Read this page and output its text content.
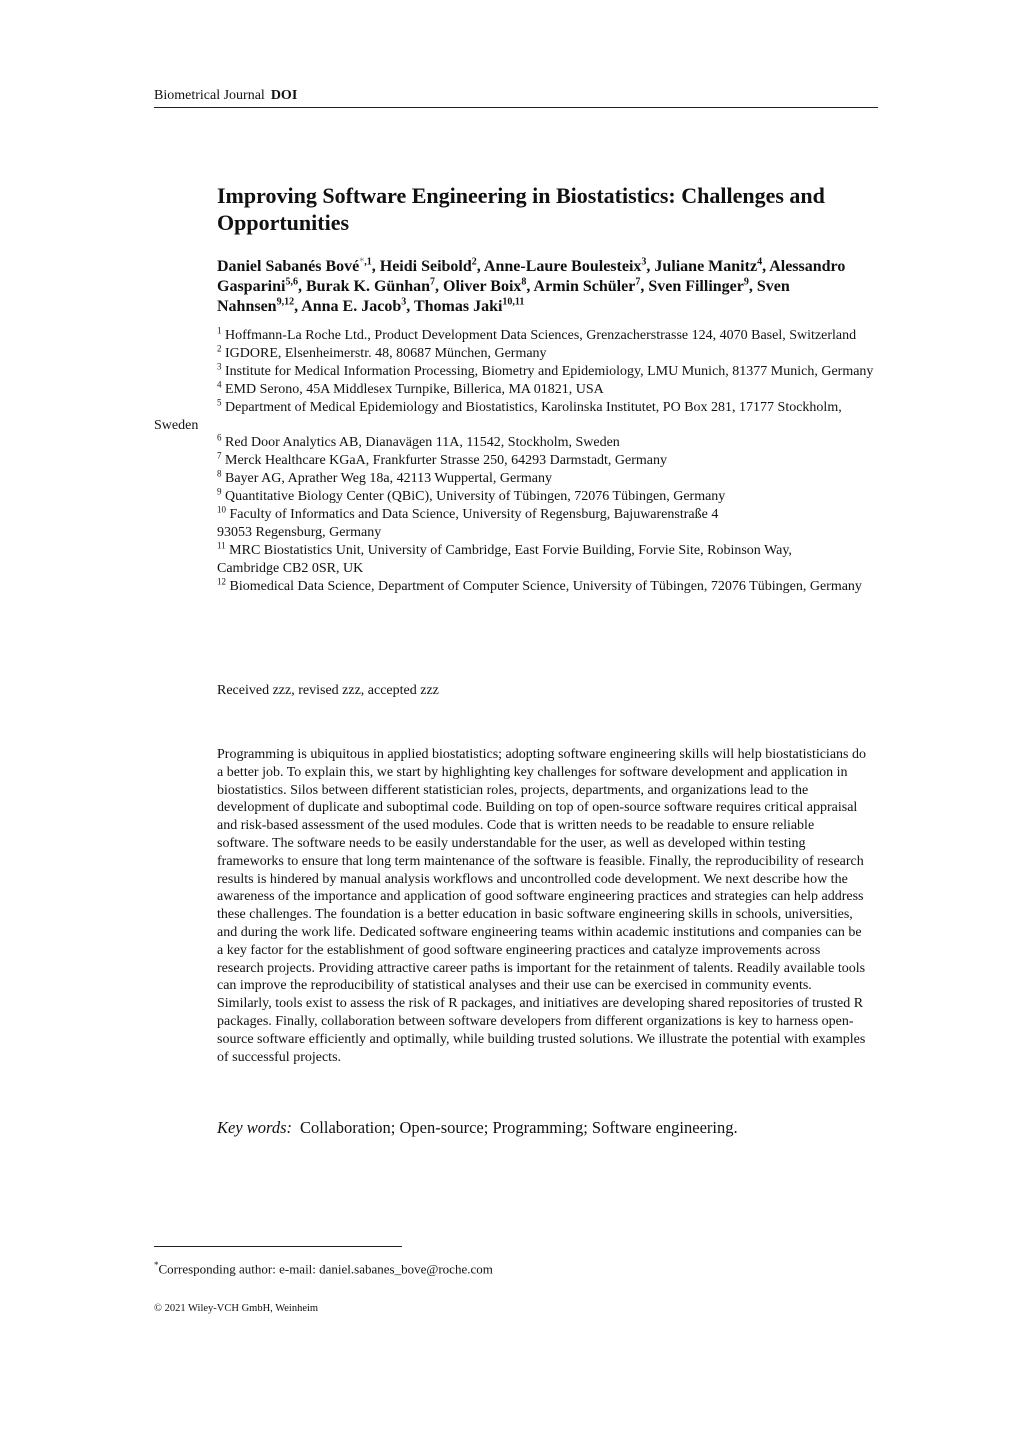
Biometrical Journal DOI
Improving Software Engineering in Biostatistics: Challenges and Opportunities
Daniel Sabanés Bové$^{*,1}$, Heidi Seibold$^2$, Anne-Laure Boulesteix$^3$, Juliane Manitz$^4$, Alessandro Gasparini$^{5,6}$, Burak K. Günhan$^7$, Oliver Boix$^8$, Armin Schüler$^7$, Sven Fillinger$^9$, Sven Nahnsen$^{9,12}$, Anna E. Jacob$^3$, Thomas Jaki$^{10,11}$
$^1$ Hoffmann-La Roche Ltd., Product Development Data Sciences, Grenzacherstrasse 124, 4070 Basel, Switzerland
$^2$ IGDORE, Elsenheimerstr. 48, 80687 München, Germany
$^3$ Institute for Medical Information Processing, Biometry and Epidemiology, LMU Munich, 81377 Munich, Germany
$^4$ EMD Serono, 45A Middlesex Turnpike, Billerica, MA 01821, USA
$^5$ Department of Medical Epidemiology and Biostatistics, Karolinska Institutet, PO Box 281, 17177 Stockholm, Sweden
$^6$ Red Door Analytics AB, Dianavägen 11A, 11542, Stockholm, Sweden
$^7$ Merck Healthcare KGaA, Frankfurter Strasse 250, 64293 Darmstadt, Germany
$^8$ Bayer AG, Aprather Weg 18a, 42113 Wuppertal, Germany
$^9$ Quantitative Biology Center (QBiC), University of Tübingen, 72076 Tübingen, Germany
$^{10}$ Faculty of Informatics and Data Science, University of Regensburg, Bajuwarenstraße 4
93053 Regensburg, Germany
$^{11}$ MRC Biostatistics Unit, University of Cambridge, East Forvie Building, Forvie Site, Robinson Way,
Cambridge CB2 0SR, UK
$^{12}$ Biomedical Data Science, Department of Computer Science, University of Tübingen, 72076 Tübingen, Germany
Received zzz, revised zzz, accepted zzz

Programming is ubiquitous in applied biostatistics; adopting software engineering skills will help biostatisticians do a better job. To explain this, we start by highlighting key challenges for software development and application in biostatistics. Silos between different statistician roles, projects, departments, and organizations lead to the development of duplicate and suboptimal code. Building on top of open-source software requires critical appraisal and risk-based assessment of the used modules. Code that is written needs to be readable to ensure reliable software. The software needs to be easily understandable for the user, as well as developed within testing frameworks to ensure that long term maintenance of the software is feasible. Finally, the reproducibility of research results is hindered by manual analysis workflows and uncontrolled code development. We next describe how the awareness of the importance and application of good software engineering practices and strategies can help address these challenges. The foundation is a better education in basic software engineering skills in schools, universities, and during the work life. Dedicated software engineering teams within academic institutions and companies can be a key factor for the establishment of good software engineering practices and catalyze improvements across research projects. Providing attractive career paths is important for the retainment of talents. Readily available tools can improve the reproducibility of statistical analyses and their use can be exercised in community events. Similarly, tools exist to assess the risk of R packages, and initiatives are developing shared repositories of trusted R packages. Finally, collaboration between software developers from different organizations is key to harness open-source software efficiently and optimally, while building trusted solutions. We illustrate the potential with examples of successful projects.

Key words: Collaboration; Open-source; Programming; Software engineering.
*Corresponding author: e-mail: daniel.sabanes_bove@roche.com
© 2021 Wiley-VCH GmbH, Weinheim
